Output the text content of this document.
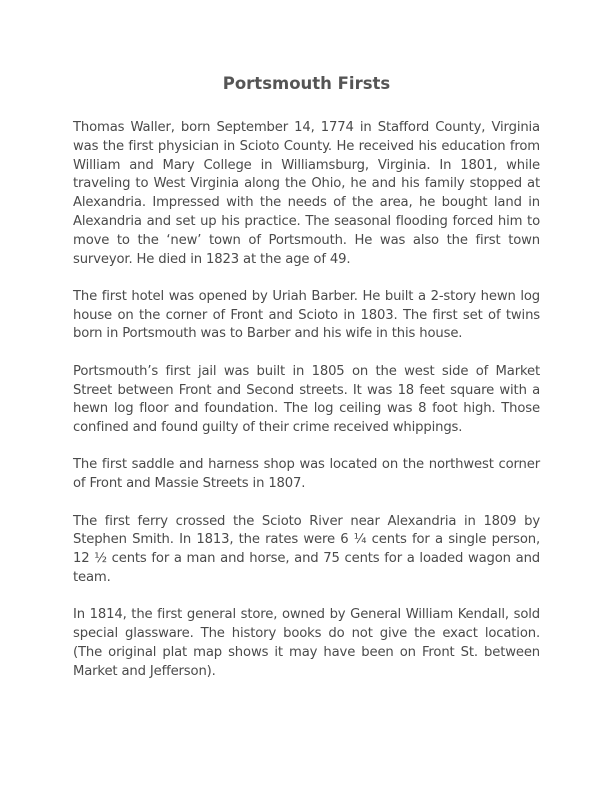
Portsmouth Firsts

Thomas Waller, born September 14, 1774 in Stafford County, Virginia was the first physician in Scioto County. He received his education from William and Mary College in Williamsburg, Virginia. In 1801, while traveling to West Virginia along the Ohio, he and his family stopped at Alexandria. Impressed with the needs of the area, he bought land in Alexandria and set up his practice. The seasonal flooding forced him to move to the ‘new’ town of Portsmouth. He was also the first town surveyor. He died in 1823 at the age of 49.

The first hotel was opened by Uriah Barber. He built a 2-story hewn log house on the corner of Front and Scioto in 1803. The first set of twins born in Portsmouth was to Barber and his wife in this house.

Portsmouth’s first jail was built in 1805 on the west side of Market Street between Front and Second streets. It was 18 feet square with a hewn log floor and foundation. The log ceiling was 8 foot high. Those confined and found guilty of their crime received whippings.

The first saddle and harness shop was located on the northwest corner of Front and Massie Streets in 1807.

The first ferry crossed the Scioto River near Alexandria in 1809 by Stephen Smith. In 1813, the rates were 6 ¼ cents for a single person, 12 ½ cents for a man and horse, and 75 cents for a loaded wagon and team.

In 1814, the first general store, owned by General William Kendall, sold special glassware. The history books do not give the exact location. (The original plat map shows it may have been on Front St. between Market and Jefferson).
